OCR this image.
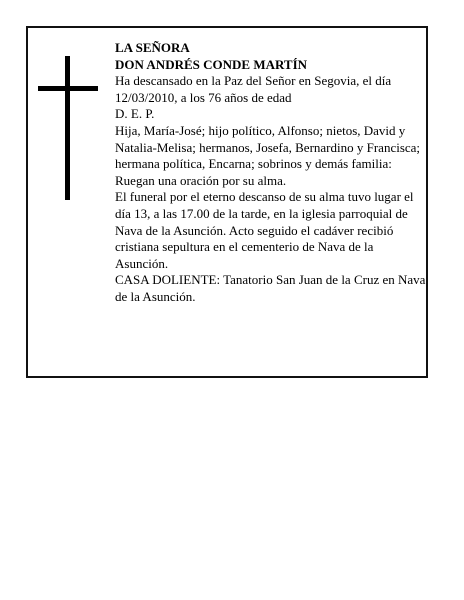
LA SEÑORA

DON ANDRÉS CONDE MARTÍN

Ha descansado en la Paz del Señor en Segovia, el día 12/03/2010, a los 76 años de edad

D. E. P.

Hija, María-José; hijo político, Alfonso; nietos, David y Natalia-Melisa; hermanos, Josefa, Bernardino y Francisca; hermana política, Encarna; sobrinos y demás familia:

Ruegan una oración por su alma.

El funeral por el eterno descanso de su alma tuvo lugar el día 13, a las 17.00 de la tarde, en la iglesia parroquial de Nava de la Asunción. Acto seguido el cadáver recibió cristiana sepultura en el cementerio de Nava de la Asunción.

CASA DOLIENTE: Tanatorio San Juan de la Cruz en Nava de la Asunción.
